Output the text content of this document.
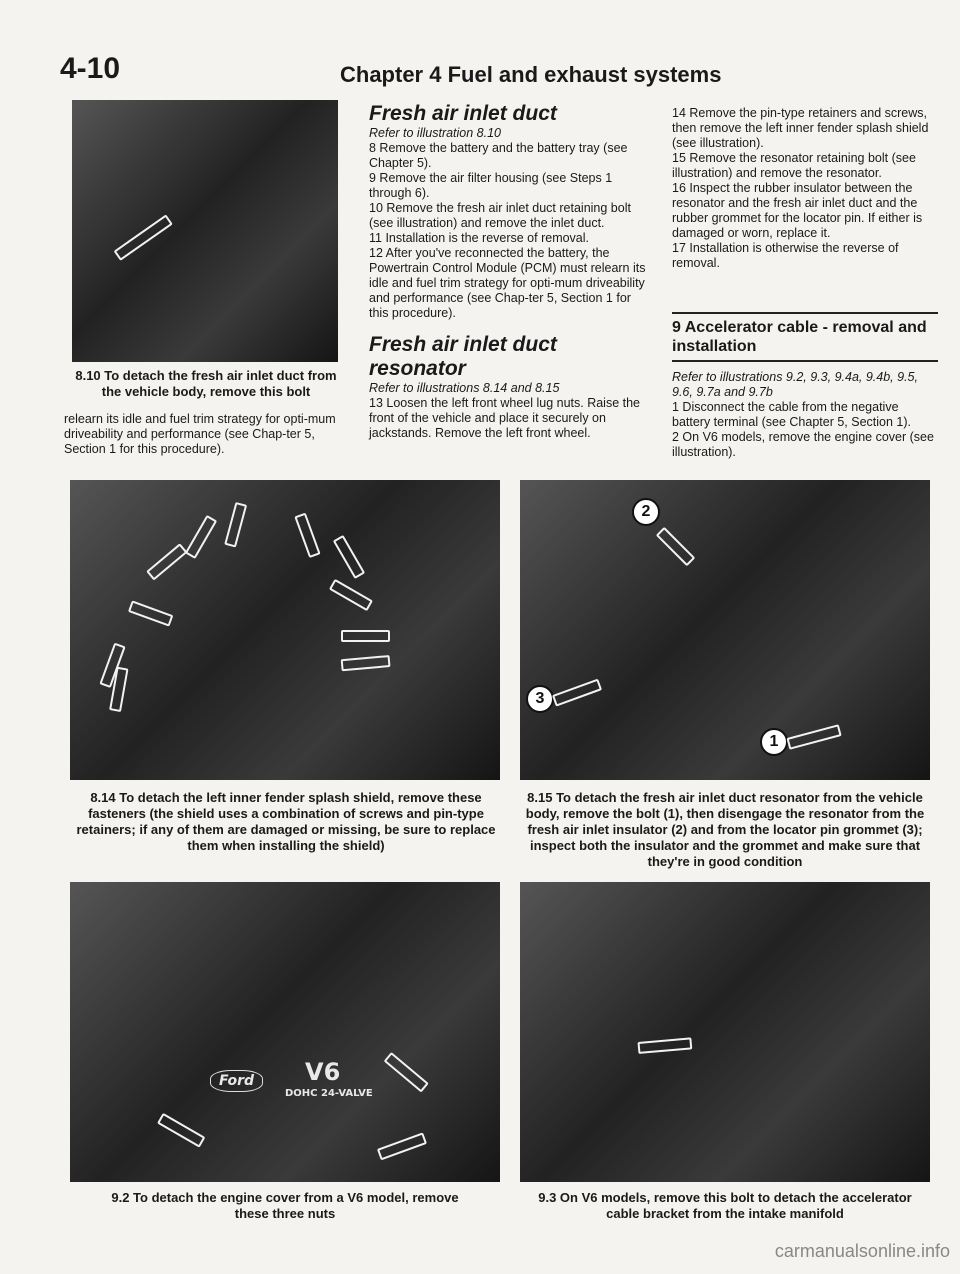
4-10	Chapter 4 Fuel and exhaust systems
8.10 To detach the fresh air inlet duct from the vehicle body, remove this bolt
relearn its idle and fuel trim strategy for opti-mum driveability and performance (see Chap-ter 5, Section 1 for this procedure).

Fresh air inlet duct

Refer to illustration 8.10

8 Remove the battery and the battery tray (see Chapter 5).

9 Remove the air filter housing (see Steps 1 through 6).

10 Remove the fresh air inlet duct retaining bolt (see illustration) and remove the inlet duct.

11 Installation is the reverse of removal.

12 After you've reconnected the battery, the Powertrain Control Module (PCM) must relearn its idle and fuel trim strategy for opti-mum driveability and performance (see Chap-ter 5, Section 1 for this procedure).

Fresh air inlet duct resonator

Refer to illustrations 8.14 and 8.15

13 Loosen the left front wheel lug nuts. Raise the front of the vehicle and place it securely on jackstands. Remove the left front wheel.

14 Remove the pin-type retainers and screws, then remove the left inner fender splash shield (see illustration).

15 Remove the resonator retaining bolt (see illustration) and remove the resonator.

16 Inspect the rubber insulator between the resonator and the fresh air inlet duct and the rubber grommet for the locator pin. If either is damaged or worn, replace it.

17 Installation is otherwise the reverse of removal.

9 Accelerator cable - removal and installation

Refer to illustrations 9.2, 9.3, 9.4a, 9.4b, 9.5, 9.6, 9.7a and 9.7b

1 Disconnect the cable from the negative battery terminal (see Chapter 5, Section 1).

2 On V6 models, remove the engine cover (see illustration).

8.14 To detach the left inner fender splash shield, remove these fasteners (the shield uses a combination of screws and pin-type retainers; if any of them are damaged or missing, be sure to replace them when installing the shield)
2
3
1
8.15 To detach the fresh air inlet duct resonator from the vehicle body, remove the bolt (1), then disengage the resonator from the fresh air inlet insulator (2) and from the locator pin grommet (3); inspect both the insulator and the grommet and make sure that they're in good condition
Ford	V6
DOHC 24-VALVE
9.2 To detach the engine cover from a V6 model, remove these three nuts
9.3 On V6 models, remove this bolt to detach the accelerator cable bracket from the intake manifold
carmanualsonline.info
